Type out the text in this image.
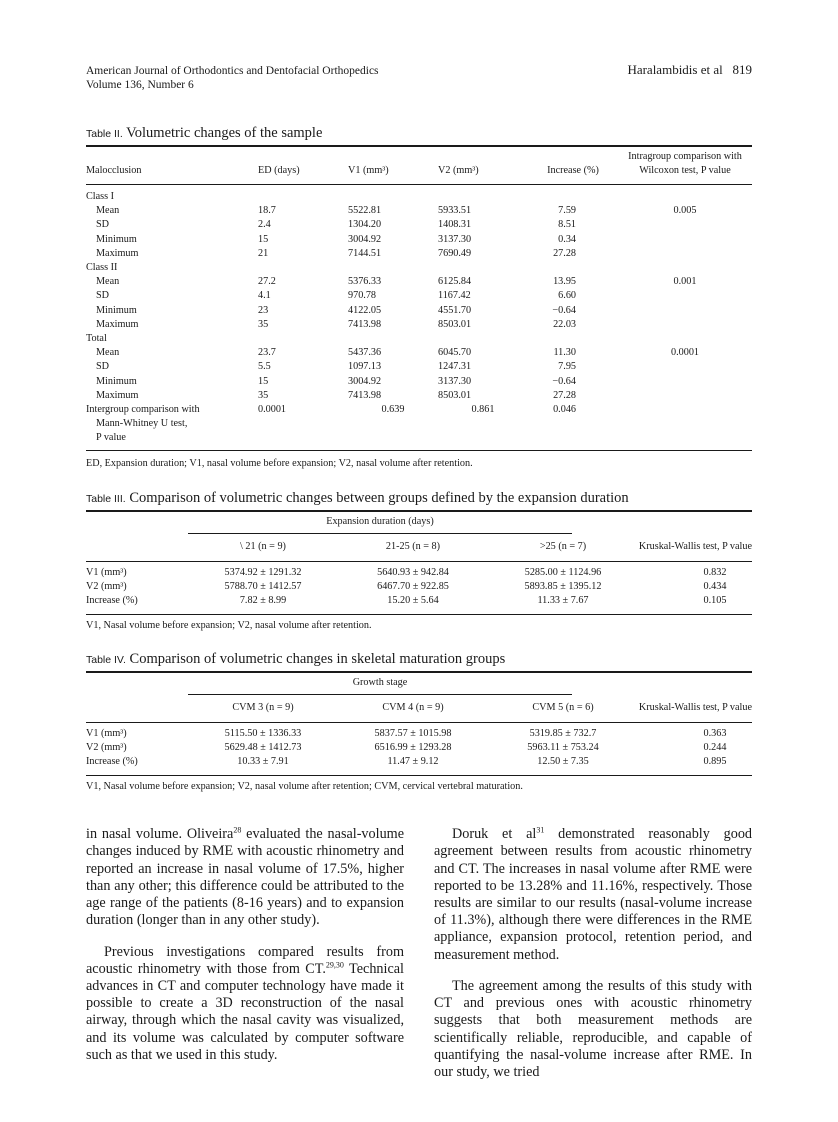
American Journal of Orthodontics and Dentofacial Orthopedics
Volume 136, Number 6
Haralambidis et al 819
Table II. Volumetric changes of the sample
					Intragroup comparison with
Malocclusion	ED (days)	V1 (mm³)	V2 (mm³)	Increase (%)	Wilcoxon test, P value
Class I						
Mean	18.7	5522.81	5933.51	7.59		0.005
SD	2.4	1304.20	1408.31	8.51		
Minimum	15	3004.92	3137.30	0.34		
Maximum	21	7144.51	7690.49	27.28		
Class II						
Mean	27.2	5376.33	6125.84	13.95		0.001
SD	4.1	970.78	1167.42	6.60		
Minimum	23	4122.05	4551.70	−0.64		
Maximum	35	7413.98	8503.01	22.03		
Total						
Mean	23.7	5437.36	6045.70	11.30		0.0001
SD	5.5	1097.13	1247.31	7.95		
Minimum	15	3004.92	3137.30	−0.64		
Maximum	35	7413.98	8503.01	27.28		
Intergroup comparison with	0.0001	0.639	0.861	0.046		
Mann-Whitney U test,						
P value						
ED, Expansion duration; V1, nasal volume before expansion; V2, nasal volume after retention.
Table III. Comparison of volumetric changes between groups defined by the expansion duration
Expansion duration (days)
	\ 21 (n = 9)	21-25 (n = 8)	>25 (n = 7)	Kruskal-Wallis test, P value
V1 (mm³)	5374.92 ± 1291.32	5640.93 ± 942.84	5285.00 ± 1124.96	0.832
V2 (mm³)	5788.70 ± 1412.57	6467.70 ± 922.85	5893.85 ± 1395.12	0.434
Increase (%)	7.82 ± 8.99	15.20 ± 5.64	11.33 ± 7.67	0.105
V1, Nasal volume before expansion; V2, nasal volume after retention.
Table IV. Comparison of volumetric changes in skeletal maturation groups
Growth stage
	CVM 3 (n = 9)	CVM 4 (n = 9)	CVM 5 (n = 6)	Kruskal-Wallis test, P value
V1 (mm³)	5115.50 ± 1336.33	5837.57 ± 1015.98	5319.85 ± 732.7	0.363
V2 (mm³)	5629.48 ± 1412.73	6516.99 ± 1293.28	5963.11 ± 753.24	0.244
Increase (%)	10.33 ± 7.91	11.47 ± 9.12	12.50 ± 7.35	0.895
V1, Nasal volume before expansion; V2, nasal volume after retention; CVM, cervical vertebral maturation.

in nasal volume. Oliveira$^{28}$ evaluated the nasal-volume changes induced by RME with acoustic rhinometry and reported an increase in nasal volume of 17.5%, higher than any other; this difference could be attributed to the age range of the patients (8-16 years) and to expansion duration (longer than in any other study).

Previous investigations compared results from acoustic rhinometry with those from CT.$^{29,30}$ Technical advances in CT and computer technology have made it possible to create a 3D reconstruction of the nasal airway, through which the nasal cavity was visualized, and its volume was calculated by computer software such as that we used in this study.

Doruk et $al^{31}$ demonstrated reasonably good agreement between results from acoustic rhinometry and CT. The increases in nasal volume after RME were reported to be 13.28% and 11.16%, respectively. Those results are similar to our results (nasal-volume increase of 11.3%), although there were differences in the RME appliance, expansion protocol, retention period, and measurement method.

The agreement among the results of this study with CT and previous ones with acoustic rhinometry suggests that both measurement methods are scientifically reliable, reproducible, and capable of quantifying the nasal-volume increase after RME. In our study, we tried
